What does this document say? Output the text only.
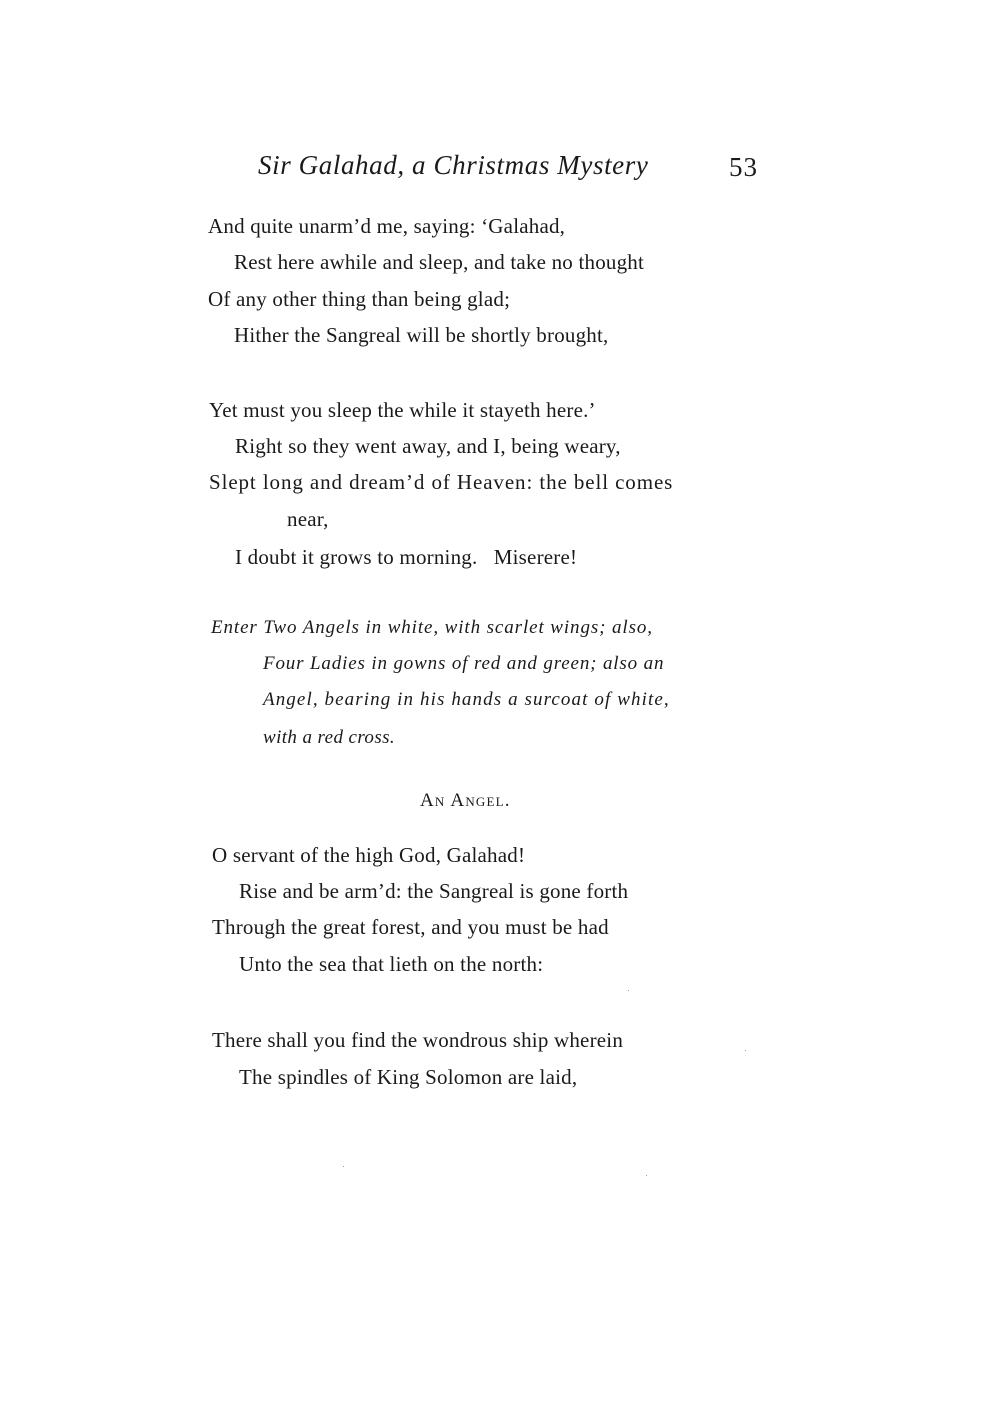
Sir Galahad, a Christmas Mystery	53
And quite unarm’d me, saying: ‘Galahad,
Rest here awhile and sleep, and take no thought
Of any other thing than being glad;
Hither the Sangreal will be shortly brought,
Yet must you sleep the while it stayeth here.’
Right so they went away, and I, being weary,
Slept long and dream’d of Heaven: the bell comes
near,
I doubt it grows to morning.   Miserere!
Enter Two Angels in white, with scarlet wings; also,
Four Ladies in gowns of red and green; also an
Angel, bearing in his hands a surcoat of white,
with a red cross.
An Angel.
O servant of the high God, Galahad!
Rise and be arm’d: the Sangreal is gone forth
Through the great forest, and you must be had
Unto the sea that lieth on the north:
There shall you find the wondrous ship wherein
The spindles of King Solomon are laid,
